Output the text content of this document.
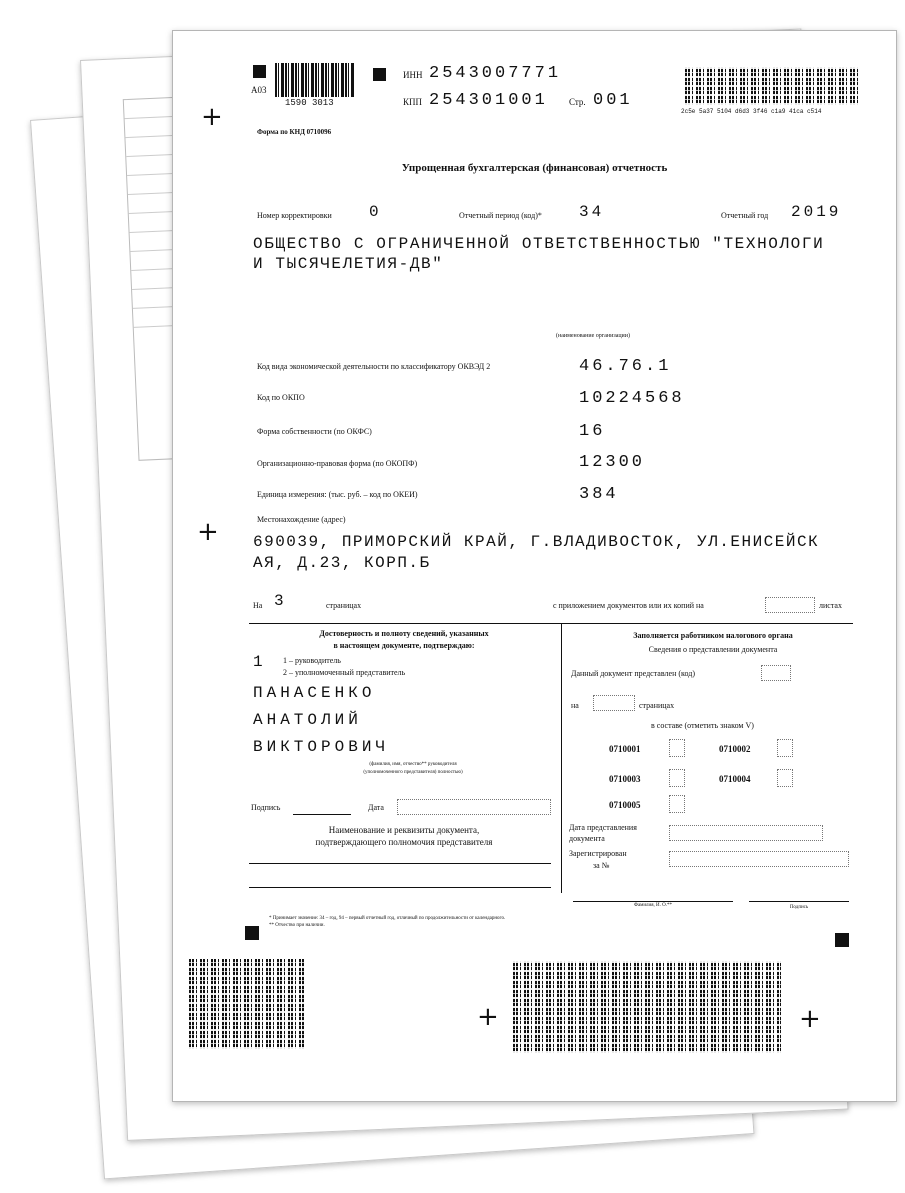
А03
1590 3013
ИНН 2543007771
КПП 254301001 Стр. 001
2c5e 5a37 5104 d6d3 3f46 c1a9 41ca c514
Форма по КНД 0710096
Упрощенная бухгалтерская (финансовая) отчетность
Номер корректировки 0	Отчетный период (код)* 34	Отчетный год 2019
ОБЩЕСТВО С ОГРАНИЧЕННОЙ ОТВЕТСТВЕННОСТЬЮ "ТЕХНОЛОГИ
И ТЫСЯЧЕЛЕТИЯ-ДВ"
(наименование организации)
Код вида экономической деятельности по классификатору ОКВЭД 2	46.76.1
Код по ОКПО	10224568
Форма собственности (по ОКФС)	16
Организационно-правовая форма (по ОКОПФ)	12300
Единица измерения: (тыс. руб. – код по ОКЕИ)	384
Местонахождение (адрес)
690039, ПРИМОРСКИЙ КРАЙ, Г.ВЛАДИВОСТОК, УЛ.ЕНИСЕЙСК
АЯ, Д.23, КОРП.Б
На 3	страницах	с приложением документов или их копий на	листах
Достоверность и полноту сведений, указанных
в настоящем документе, подтверждаю:
1 1 – руководитель
2 – уполномоченный представитель
ПАНАСЕНКО
АНАТОЛИЙ
ВИКТОРОВИЧ
(фамилия, имя, отчество** руководителя
(уполномоченного представителя) полностью)
Подпись	Дата
Наименование и реквизиты документа,
подтверждающего полномочия представителя
Заполняется работником налогового органа
Сведения о представлении документа
Данный документ представлен (код)
на	страницах
в составе (отметить знаком V)
0710001	0710002
0710003	0710004
0710005
Дата представления
документа
Зарегистрирован
за №
Фамилия, И. О.**	Подпись
* Принимает значение: 34 – год, 94 – первый отчетный год, отличный по продолжительности от календарного.
** Отчество при наличии.
+
+
+	+
